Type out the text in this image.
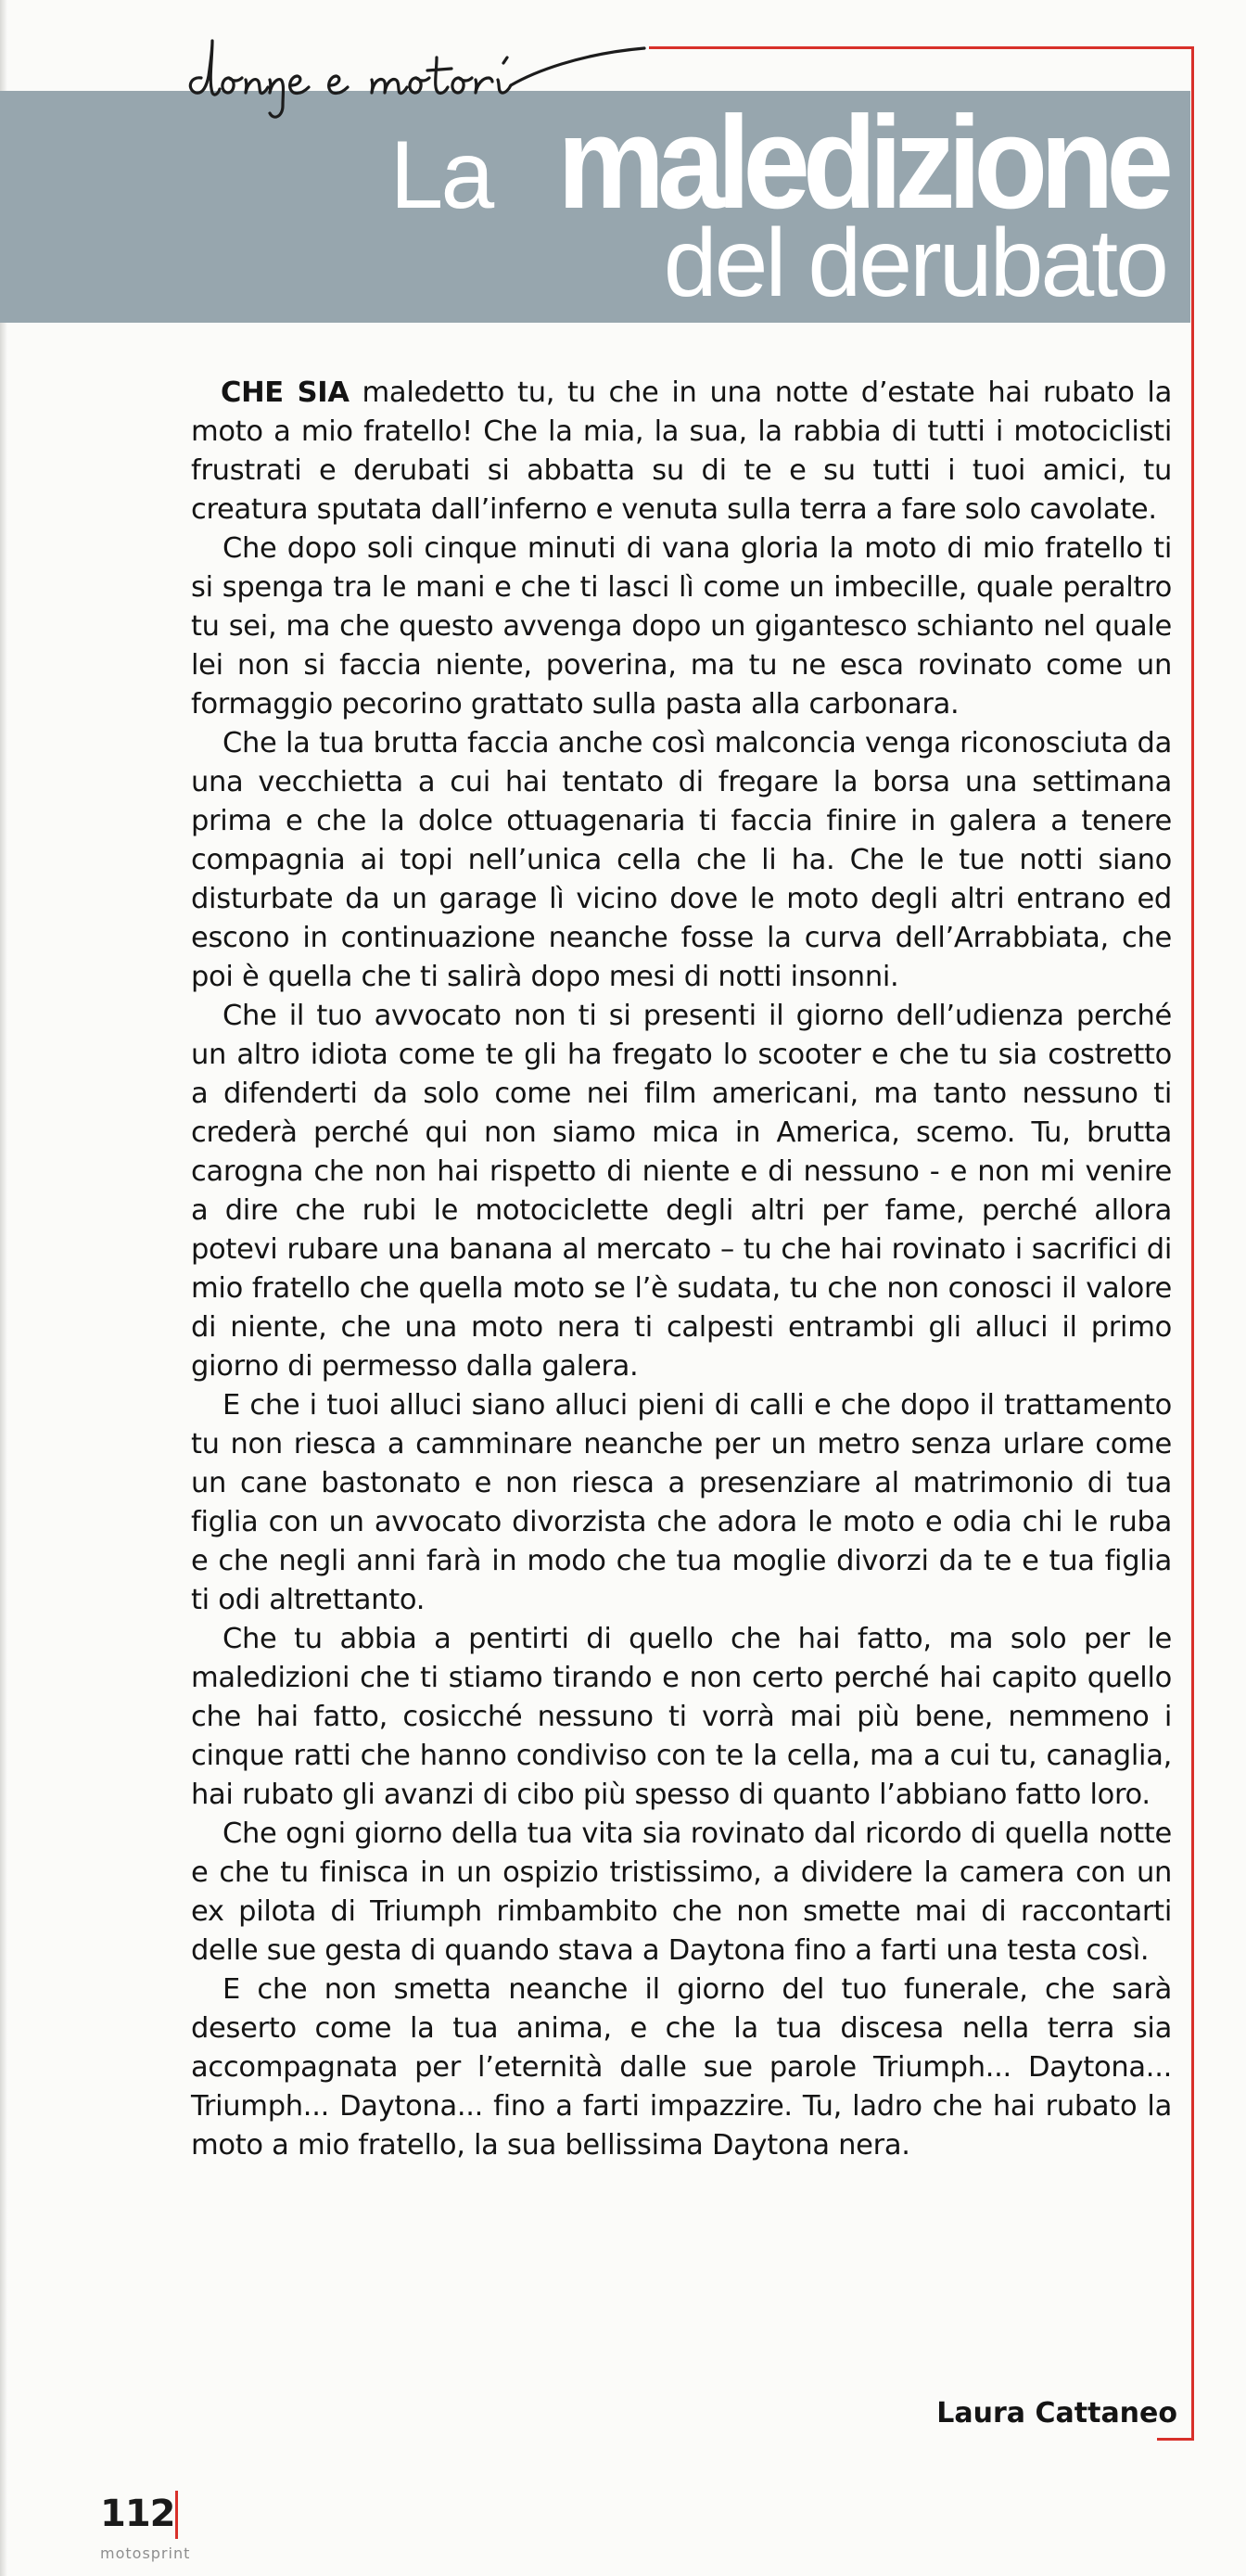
La maledizione
del derubato

CHE SIA maledetto tu, tu che in una notte d’estate hai rubato la moto a mio fratello! Che la mia, la sua, la rabbia di tutti i motociclisti frustrati e derubati si abbatta su di te e su tutti i tuoi amici, tu creatura sputata dall’inferno e venuta sulla terra a fare solo cavolate.

Che dopo soli cinque minuti di vana gloria la moto di mio fratello ti si spenga tra le mani e che ti lasci lì come un imbecille, quale peraltro tu sei, ma che questo avvenga dopo un gigantesco schianto nel quale lei non si faccia niente, poverina, ma tu ne esca rovinato come un formaggio pecorino grattato sulla pasta alla carbonara.

Che la tua brutta faccia anche così malconcia venga riconosciuta da una vecchietta a cui hai tentato di fregare la borsa una settimana prima e che la dolce ottuagenaria ti faccia finire in galera a tenere compagnia ai topi nell’unica cella che li ha. Che le tue notti siano disturbate da un garage lì vicino dove le moto degli altri entrano ed escono in continuazione neanche fosse la curva dell’Arrabbiata, che poi è quella che ti salirà dopo mesi di notti insonni.

Che il tuo avvocato non ti si presenti il giorno dell’udienza perché un altro idiota come te gli ha fregato lo scooter e che tu sia costretto a difenderti da solo come nei film americani, ma tanto nessuno ti crederà perché qui non siamo mica in America, scemo. Tu, brutta carogna che non hai rispetto di niente e di nessuno - e non mi venire a dire che rubi le motociclette degli altri per fame, perché allora potevi rubare una banana al mercato – tu che hai rovinato i sacrifici di mio fratello che quella moto se l’è sudata, tu che non conosci il valore di niente, che una moto nera ti calpesti entrambi gli alluci il primo giorno di permesso dalla galera.

E che i tuoi alluci siano alluci pieni di calli e che dopo il trattamento tu non riesca a camminare neanche per un metro senza urlare come un cane bastonato e non riesca a presenziare al matrimonio di tua figlia con un avvocato divorzista che adora le moto e odia chi le ruba e che negli anni farà in modo che tua moglie divorzi da te e tua figlia ti odi altrettanto.

Che tu abbia a pentirti di quello che hai fatto, ma solo per le maledizioni che ti stiamo tirando e non certo perché hai capito quello che hai fatto, cosicché nessuno ti vorrà mai più bene, nemmeno i cinque ratti che hanno condiviso con te la cella, ma a cui tu, canaglia, hai rubato gli avanzi di cibo più spesso di quanto l’abbiano fatto loro.

Che ogni giorno della tua vita sia rovinato dal ricordo di quella notte e che tu finisca in un ospizio tristissimo, a dividere la camera con un ex pilota di Triumph rimbambito che non smette mai di raccontarti delle sue gesta di quando stava a Daytona fino a farti una testa così.

E che non smetta neanche il giorno del tuo funerale, che sarà deserto come la tua anima, e che la tua discesa nella terra sia accompagnata per l’eternità dalle sue parole Triumph... Daytona... Triumph... Daytona... fino a farti impazzire. Tu, ladro che hai rubato la moto a mio fratello, la sua bellissima Daytona nera.

Laura Cattaneo

112
motosprint
